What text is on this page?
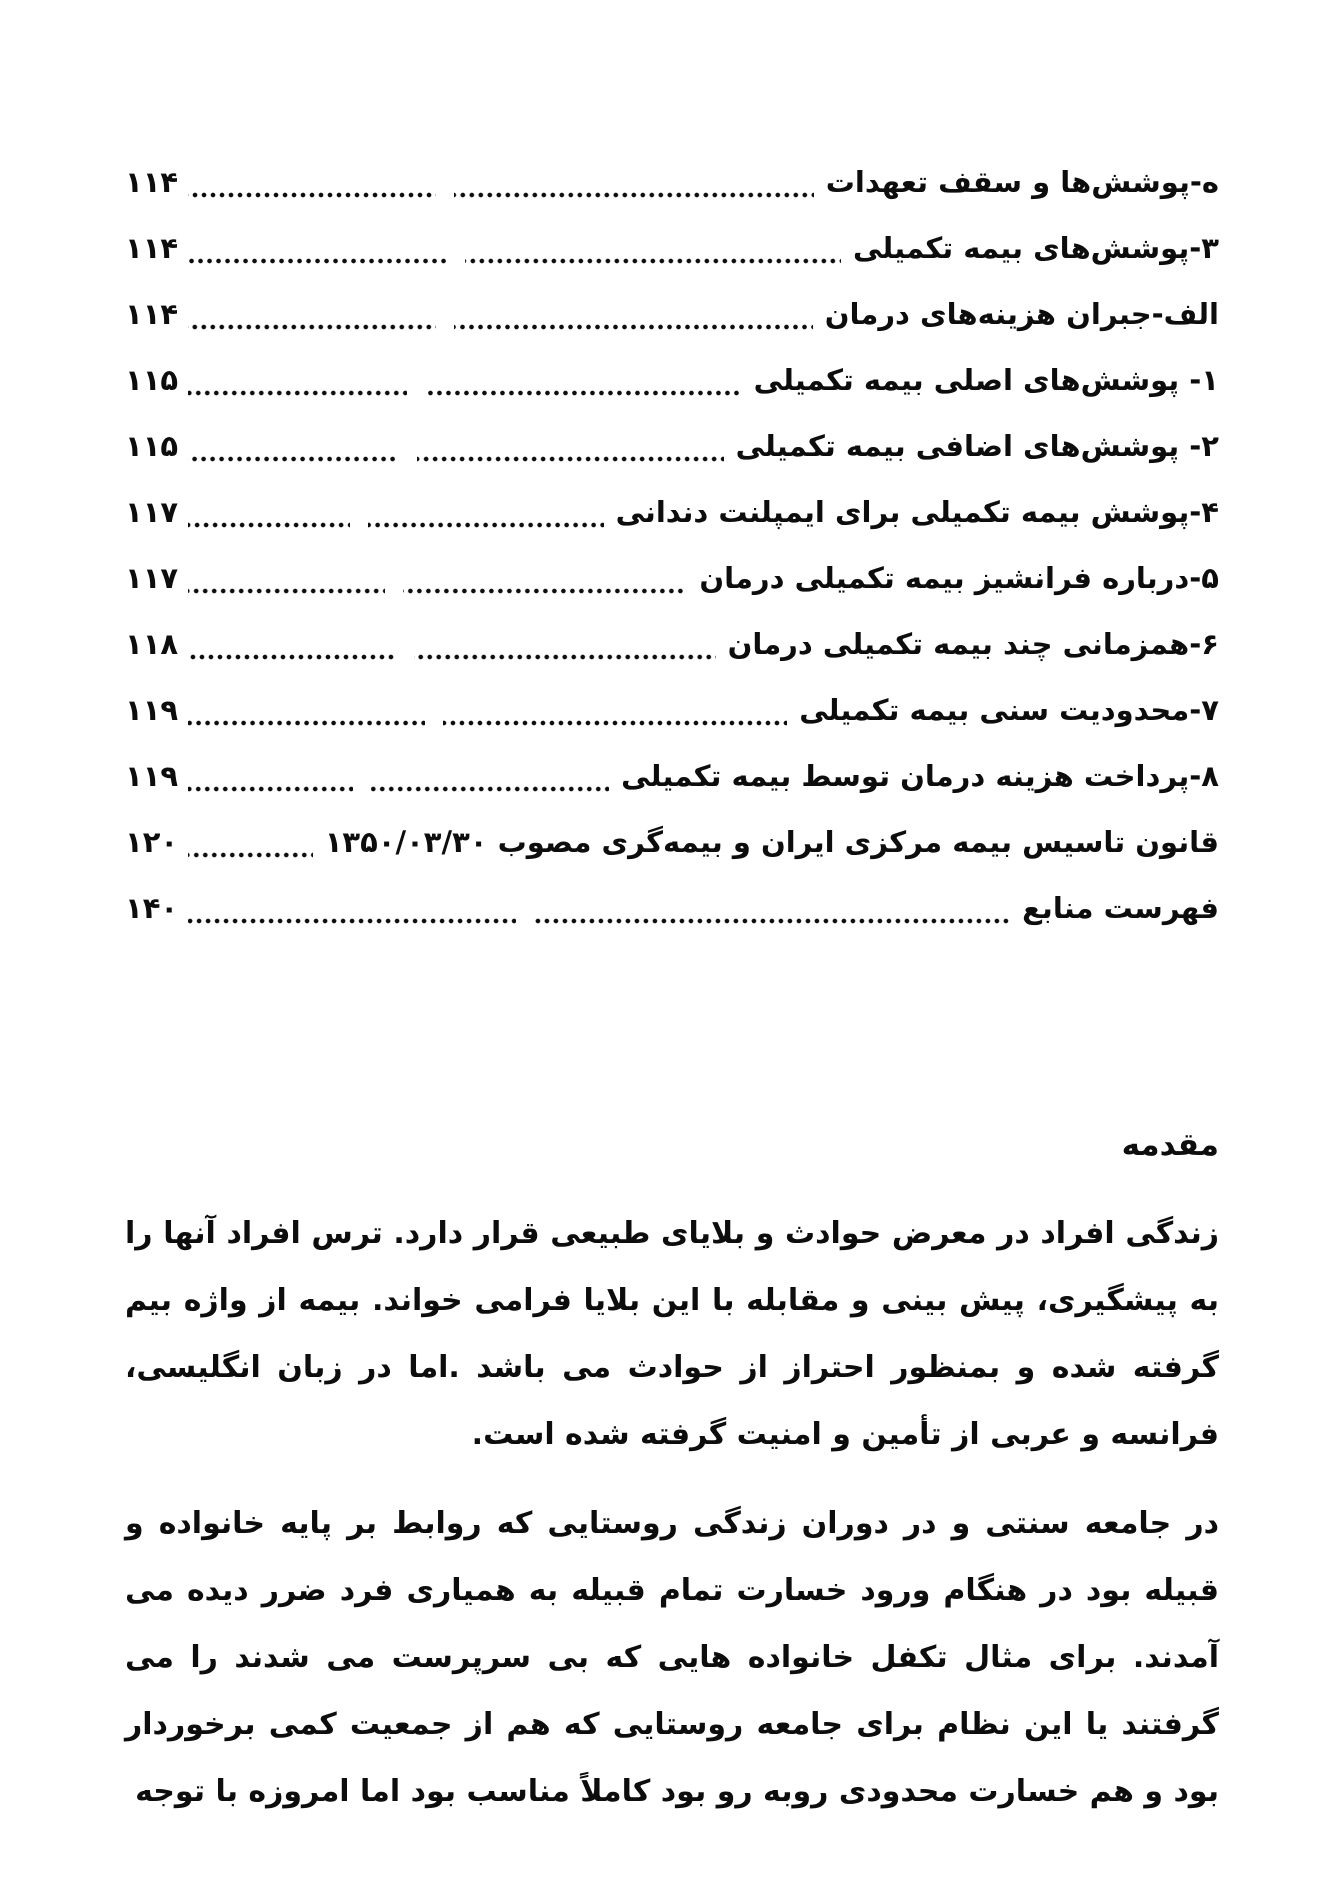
ه-پوشش‌ها و سقف تعهدات
۱۱۴
۳-پوشش‌های بیمه تکمیلی
۱۱۴
الف-جبران هزینه‌های درمان
۱۱۴
۱- پوشش‌های اصلی بیمه تکمیلی
۱۱۵
۲- پوشش‌های اضافی بیمه تکمیلی
۱۱۵
۴-پوشش بیمه تکمیلی برای ایمپلنت دندانی
۱۱۷
۵-درباره فرانشیز بیمه تکمیلی درمان
۱۱۷
۶-همزمانی چند بیمه تکمیلی درمان
۱۱۸
۷-محدودیت سنی بیمه تکمیلی
۱۱۹
۸-پرداخت هزینه درمان توسط بیمه تکمیلی
۱۱۹
قانون تاسیس بیمه مرکزی ایران و بیمه‌گری مصوب ۱۳۵۰/۰۳/۳۰
۱۲۰
فهرست منابع
۱۴۰
مقدمه
زندگی افراد در معرض حوادث و بلایای طبیعی قرار دارد. ترس افراد آنها را به پیشگیری، پیش بینی و مقابله با این بلایا فرامی خواند. بیمه از واژه بیم گرفته شده و بمنظور احتراز از حوادث می باشد .اما در زبان انگلیسی، فرانسه و عربی از تأمین و امنیت گرفته شده است.
در جامعه سنتی و در دوران زندگی روستایی که روابط بر پایه خانواده و قبیله بود در هنگام ورود خسارت تمام قبیله به همیاری فرد ضرر دیده می آمدند. برای مثال تکفل خانواده هایی که بی سرپرست می شدند را می گرفتند یا این نظام برای جامعه روستایی که هم از جمعیت کمی برخوردار بود و هم خسارت محدودی روبه رو بود کاملاً مناسب بود اما امروزه با توجه
